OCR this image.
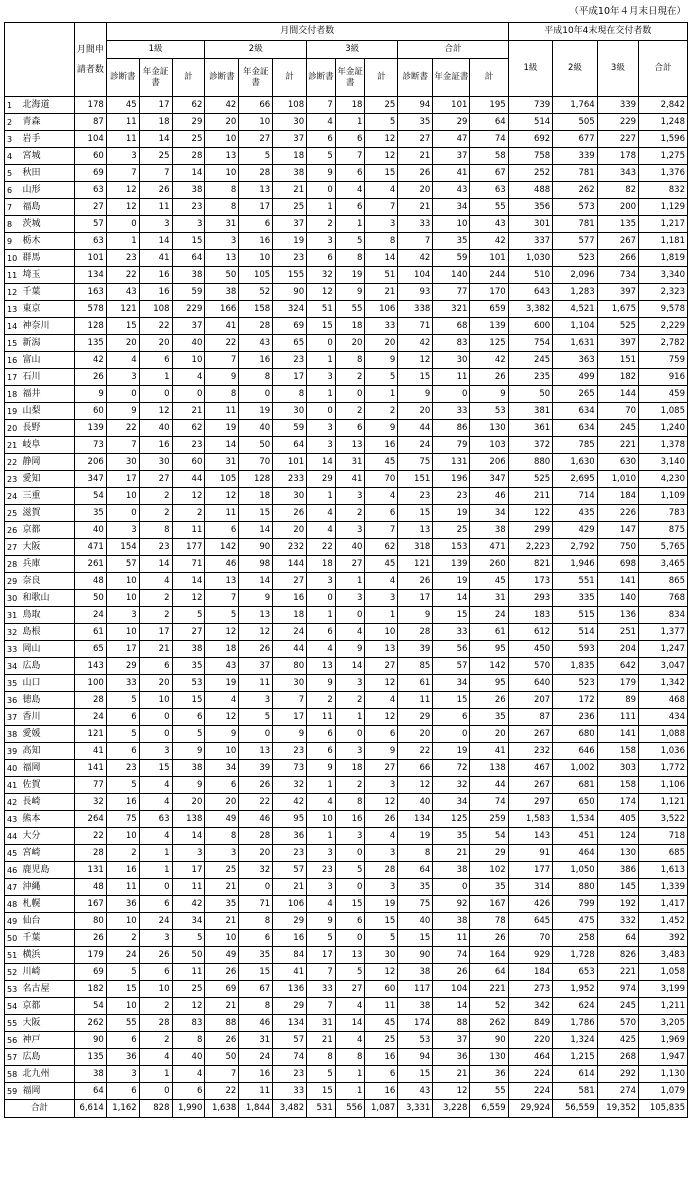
（平成10年４月末日現在）
		月間申請者数	月間交付者数												平成10年4末現在交付者数			
			1級			2級			3級			合計			1級	2級	3級	合計
			診断書	年金証書	計	診断書	年金証書	計	診断書	年金証書	計	診断書	年金証書	計				
1	北海道	178	45	17	62	42	66	108	7	18	25	94	101	195	739	1,764	339	2,842
2	青森	87	11	18	29	20	10	30	4	1	5	35	29	64	514	505	229	1,248
3	岩手	104	11	14	25	10	27	37	6	6	12	27	47	74	692	677	227	1,596
4	宮城	60	3	25	28	13	5	18	5	7	12	21	37	58	758	339	178	1,275
5	秋田	69	7	7	14	10	28	38	9	6	15	26	41	67	252	781	343	1,376
6	山形	63	12	26	38	8	13	21	0	4	4	20	43	63	488	262	82	832
7	福島	27	12	11	23	8	17	25	1	6	7	21	34	55	356	573	200	1,129
8	茨城	57	0	3	3	31	6	37	2	1	3	33	10	43	301	781	135	1,217
9	栃木	63	1	14	15	3	16	19	3	5	8	7	35	42	337	577	267	1,181
10	群馬	101	23	41	64	13	10	23	6	8	14	42	59	101	1,030	523	266	1,819
11	埼玉	134	22	16	38	50	105	155	32	19	51	104	140	244	510	2,096	734	3,340
12	千葉	163	43	16	59	38	52	90	12	9	21	93	77	170	643	1,283	397	2,323
13	東京	578	121	108	229	166	158	324	51	55	106	338	321	659	3,382	4,521	1,675	9,578
14	神奈川	128	15	22	37	41	28	69	15	18	33	71	68	139	600	1,104	525	2,229
15	新潟	135	20	20	40	22	43	65	0	20	20	42	83	125	754	1,631	397	2,782
16	富山	42	4	6	10	7	16	23	1	8	9	12	30	42	245	363	151	759
17	石川	26	3	1	4	9	8	17	3	2	5	15	11	26	235	499	182	916
18	福井	9	0	0	0	8	0	8	1	0	1	9	0	9	50	265	144	459
19	山梨	60	9	12	21	11	19	30	0	2	2	20	33	53	381	634	70	1,085
20	長野	139	22	40	62	19	40	59	3	6	9	44	86	130	361	634	245	1,240
21	岐阜	73	7	16	23	14	50	64	3	13	16	24	79	103	372	785	221	1,378
22	静岡	206	30	30	60	31	70	101	14	31	45	75	131	206	880	1,630	630	3,140
23	愛知	347	17	27	44	105	128	233	29	41	70	151	196	347	525	2,695	1,010	4,230
24	三重	54	10	2	12	12	18	30	1	3	4	23	23	46	211	714	184	1,109
25	滋賀	35	0	2	2	11	15	26	4	2	6	15	19	34	122	435	226	783
26	京都	40	3	8	11	6	14	20	4	3	7	13	25	38	299	429	147	875
27	大阪	471	154	23	177	142	90	232	22	40	62	318	153	471	2,223	2,792	750	5,765
28	兵庫	261	57	14	71	46	98	144	18	27	45	121	139	260	821	1,946	698	3,465
29	奈良	48	10	4	14	13	14	27	3	1	4	26	19	45	173	551	141	865
30	和歌山	50	10	2	12	7	9	16	0	3	3	17	14	31	293	335	140	768
31	鳥取	24	3	2	5	5	13	18	1	0	1	9	15	24	183	515	136	834
32	島根	61	10	17	27	12	12	24	6	4	10	28	33	61	612	514	251	1,377
33	岡山	65	17	21	38	18	26	44	4	9	13	39	56	95	450	593	204	1,247
34	広島	143	29	6	35	43	37	80	13	14	27	85	57	142	570	1,835	642	3,047
35	山口	100	33	20	53	19	11	30	9	3	12	61	34	95	640	523	179	1,342
36	徳島	28	5	10	15	4	3	7	2	2	4	11	15	26	207	172	89	468
37	香川	24	6	0	6	12	5	17	11	1	12	29	6	35	87	236	111	434
38	愛媛	121	5	0	5	9	0	9	6	0	6	20	0	20	267	680	141	1,088
39	高知	41	6	3	9	10	13	23	6	3	9	22	19	41	232	646	158	1,036
40	福岡	141	23	15	38	34	39	73	9	18	27	66	72	138	467	1,002	303	1,772
41	佐賀	77	5	4	9	6	26	32	1	2	3	12	32	44	267	681	158	1,106
42	長崎	32	16	4	20	20	22	42	4	8	12	40	34	74	297	650	174	1,121
43	熊本	264	75	63	138	49	46	95	10	16	26	134	125	259	1,583	1,534	405	3,522
44	大分	22	10	4	14	8	28	36	1	3	4	19	35	54	143	451	124	718
45	宮崎	28	2	1	3	3	20	23	3	0	3	8	21	29	91	464	130	685
46	鹿児島	131	16	1	17	25	32	57	23	5	28	64	38	102	177	1,050	386	1,613
47	沖縄	48	11	0	11	21	0	21	3	0	3	35	0	35	314	880	145	1,339
48	札幌	167	36	6	42	35	71	106	4	15	19	75	92	167	426	799	192	1,417
49	仙台	80	10	24	34	21	8	29	9	6	15	40	38	78	645	475	332	1,452
50	千葉	26	2	3	5	10	6	16	5	0	5	15	11	26	70	258	64	392
51	横浜	179	24	26	50	49	35	84	17	13	30	90	74	164	929	1,728	826	3,483
52	川崎	69	5	6	11	26	15	41	7	5	12	38	26	64	184	653	221	1,058
53	名古屋	182	15	10	25	69	67	136	33	27	60	117	104	221	273	1,952	974	3,199
54	京都	54	10	2	12	21	8	29	7	4	11	38	14	52	342	624	245	1,211
55	大阪	262	55	28	83	88	46	134	31	14	45	174	88	262	849	1,786	570	3,205
56	神戸	90	6	2	8	26	31	57	21	4	25	53	37	90	220	1,324	425	1,969
57	広島	135	36	4	40	50	24	74	8	8	16	94	36	130	464	1,215	268	1,947
58	北九州	38	3	1	4	7	16	23	5	1	6	15	21	36	224	614	292	1,130
59	福岡	64	6	0	6	22	11	33	15	1	16	43	12	55	224	581	274	1,079
合計		6,614	1,162	828	1,990	1,638	1,844	3,482	531	556	1,087	3,331	3,228	6,559	29,924	56,559	19,352	105,835
